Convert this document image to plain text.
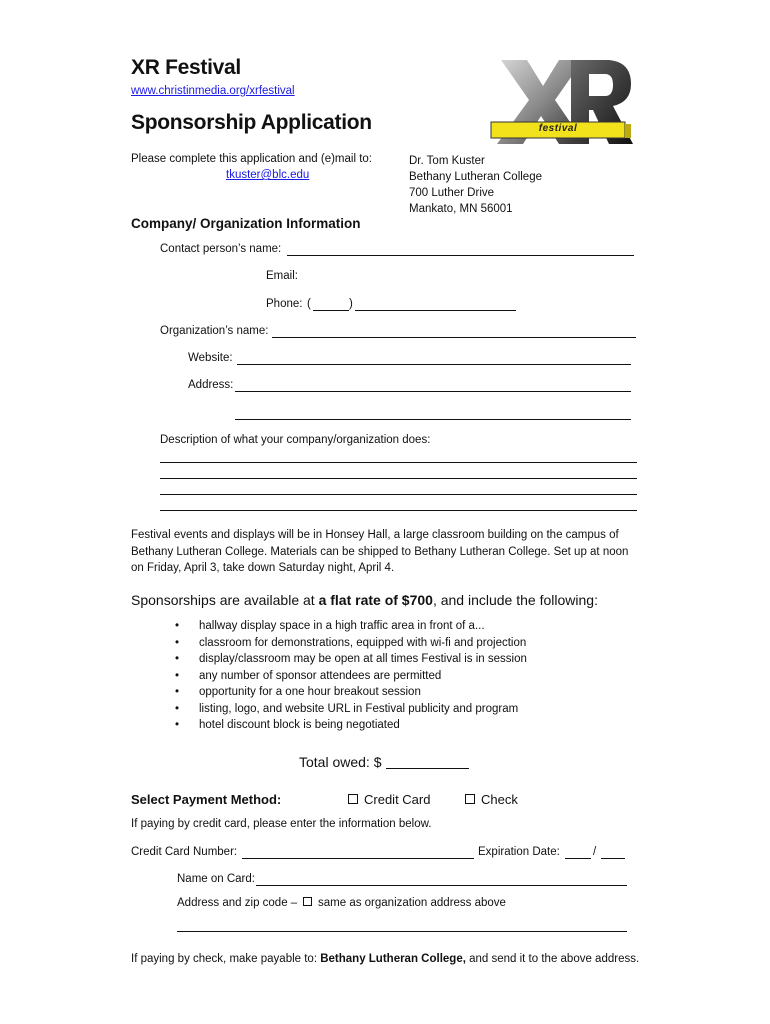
XR Festival
www.christinmedia.org/xrfestival
festival
Sponsorship Application
Please complete this application and (e)mail to:
tkuster@blc.edu
Dr. Tom Kuster
Bethany Lutheran College
700 Luther Drive
Mankato, MN 56001
Company/ Organization Information
Contact person’s name:
Email:
Phone: (	)
Organization’s name:
Website:
Address:
Description of what your company/organization does:
Festival events and displays will be in Honsey Hall, a large classroom building on the campus of Bethany Lutheran College. Materials can be shipped to Bethany Lutheran College. Set up at noon on Friday, April 3, take down Saturday night, April 4.
Sponsorships are available at a flat rate of $700, and include the following:
• hallway display space in a high traffic area in front of a...
• classroom for demonstrations, equipped with wi-fi and projection
• display/classroom may be open at all times Festival is in session
• any number of sponsor attendees are permitted
• opportunity for a one hour breakout session
• listing, logo, and website URL in Festival publicity and program
• hotel discount block is being negotiated
Total owed: $
Select Payment Method:	Credit Card	Check
If paying by credit card, please enter the information below.
Credit Card Number:	Expiration Date:	/
Name on Card:
Address and zip code –	same as organization address above
If paying by check, make payable to: Bethany Lutheran College, and send it to the above address.
